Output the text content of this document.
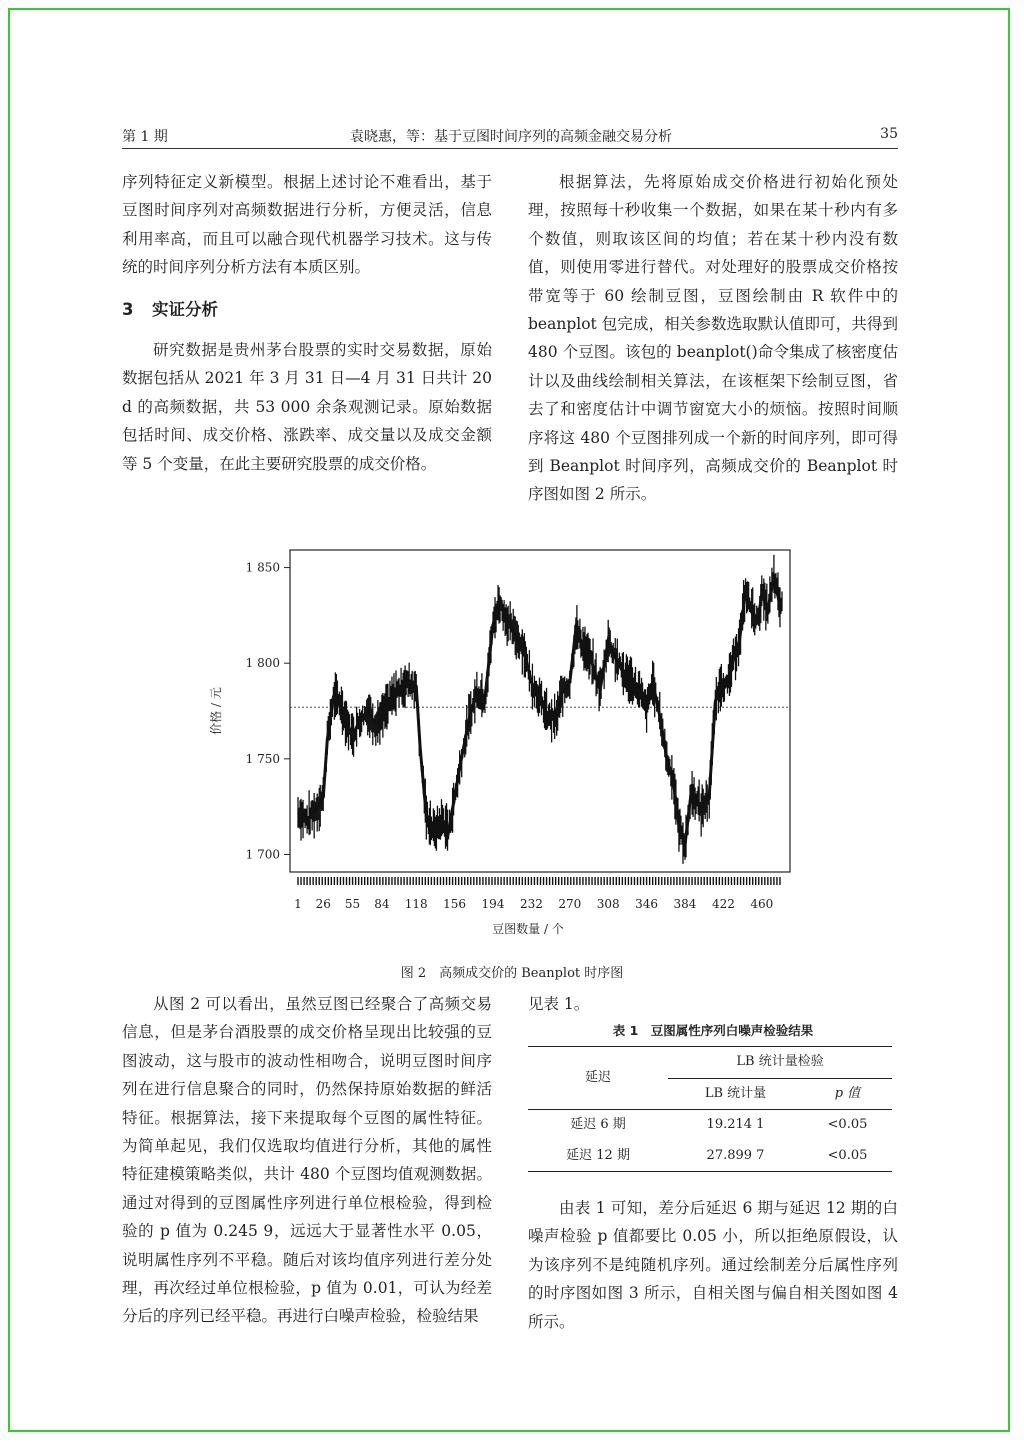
第 1 期	袁晓惠，等：基于豆图时间序列的高频金融交易分析	35

序列特征定义新模型。根据上述讨论不难看出，基于豆图时间序列对高频数据进行分析，方便灵活，信息利用率高，而且可以融合现代机器学习技术。这与传统的时间序列分析方法有本质区别。

3 实证分析

研究数据是贵州茅台股票的实时交易数据，原始数据包括从 2021 年 3 月 31 日—4 月 31 日共计 20 d 的高频数据，共 53 000 余条观测记录。原始数据包括时间、成交价格、涨跌率、成交量以及成交金额等 5 个变量，在此主要研究股票的成交价格。

根据算法，先将原始成交价格进行初始化预处理，按照每十秒收集一个数据，如果在某十秒内有多个数值，则取该区间的均值；若在某十秒内没有数值，则使用零进行替代。对处理好的股票成交价格按带宽等于 60 绘制豆图，豆图绘制由 R 软件中的 beanplot 包完成，相关参数选取默认值即可，共得到 480 个豆图。该包的 beanplot()命令集成了核密度估计以及曲线绘制相关算法，在该框架下绘制豆图，省去了和密度估计中调节窗宽大小的烦恼。按照时间顺序将这 480 个豆图排列成一个新的时间序列，即可得到 Beanplot 时间序列，高频成交价的 Beanplot 时序图如图 2 所示。

1 850
1 800
1 750
1 700
1 26 55 84 118 156 194 232 270 308 346 384 422 460
价格 / 元
豆图数量 / 个
图 2　高频成交价的 Beanplot 时序图

从图 2 可以看出，虽然豆图已经聚合了高频交易信息，但是茅台酒股票的成交价格呈现出比较强的豆图波动，这与股市的波动性相吻合，说明豆图时间序列在进行信息聚合的同时，仍然保持原始数据的鲜活特征。根据算法，接下来提取每个豆图的属性特征。为简单起见，我们仅选取均值进行分析，其他的属性特征建模策略类似，共计 480 个豆图均值观测数据。通过对得到的豆图属性序列进行单位根检验，得到检验的 p 值为 0.245 9，远远大于显著性水平 0.05，说明属性序列不平稳。随后对该均值序列进行差分处理，再次经过单位根检验，p 值为 0.01，可认为经差分后的序列已经平稳。再进行白噪声检验，检验结果

见表 1。

表 1　豆图属性序列白噪声检验结果
延迟	LB 统计量检验	
	LB 统计量	p 值
延迟 6 期	19.214 1	<0.05
延迟 12 期	27.899 7	<0.05

由表 1 可知，差分后延迟 6 期与延迟 12 期的白噪声检验 p 值都要比 0.05 小，所以拒绝原假设，认为该序列不是纯随机序列。通过绘制差分后属性序列的时序图如图 3 所示，自相关图与偏自相关图如图 4 所示。
